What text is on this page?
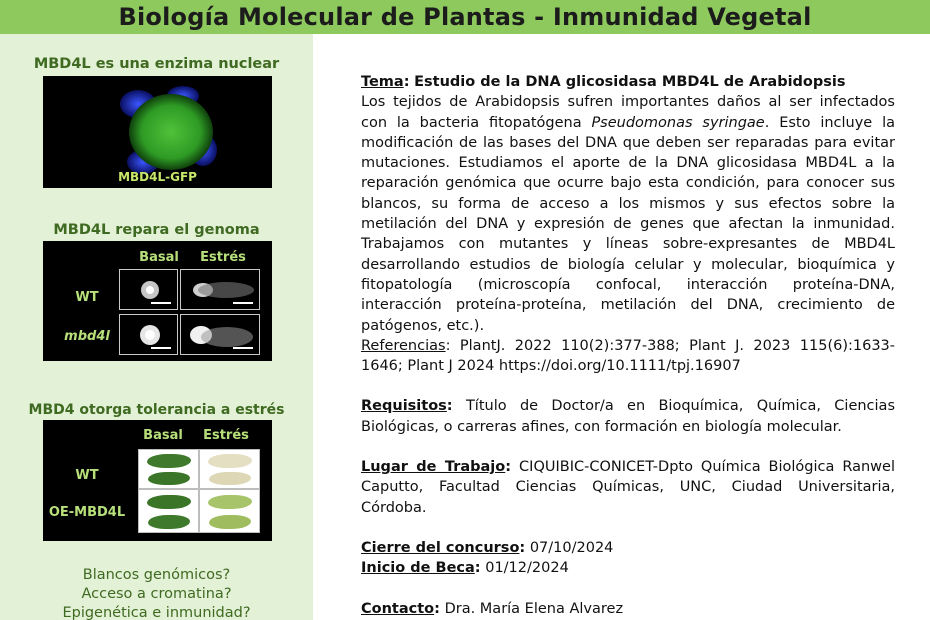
Biología Molecular de Plantas - Inmunidad Vegetal
MBD4L es una enzima nuclear
MBD4L-GFP
MBD4L repara el genoma
Basal	Estrés
WT
mbd4l
MBD4 otorga tolerancia a estrés
Basal	Estrés
WT
OE-MBD4L
Blancos genómicos?
Acceso a cromatina?
Epigenética e inmunidad?

Tema: Estudio de la DNA glicosidasa MBD4L de Arabidopsis

Los tejidos de Arabidopsis sufren importantes daños al ser infectados con la bacteria fitopatógena Pseudomonas syringae. Esto incluye la modificación de las bases del DNA que deben ser reparadas para evitar mutaciones. Estudiamos el aporte de la DNA glicosidasa MBD4L a la reparación genómica que ocurre bajo esta condición, para conocer sus blancos, su forma de acceso a los mismos y sus efectos sobre la metilación del DNA y expresión de genes que afectan la inmunidad. Trabajamos con mutantes y líneas sobre-expresantes de MBD4L desarrollando estudios de biología celular y molecular, bioquímica y fitopatología (microscopía confocal, interacción proteína-DNA, interacción proteína-proteína, metilación del DNA, crecimiento de patógenos, etc.).

Referencias: PlantJ. 2022 110(2):377-388; Plant J. 2023 115(6):1633-1646; Plant J 2024 https://doi.org/10.1111/tpj.16907

Requisitos: Título de Doctor/a en Bioquímica, Química, Ciencias Biológicas, o carreras afines, con formación en biología molecular.

Lugar de Trabajo: CIQUIBIC-CONICET-Dpto Química Biológica Ranwel Caputto, Facultad Ciencias Químicas, UNC, Ciudad Universitaria, Córdoba.

Cierre del concurso: 07/10/2024

Inicio de Beca: 01/12/2024

Contacto: Dra. María Elena Alvarez
